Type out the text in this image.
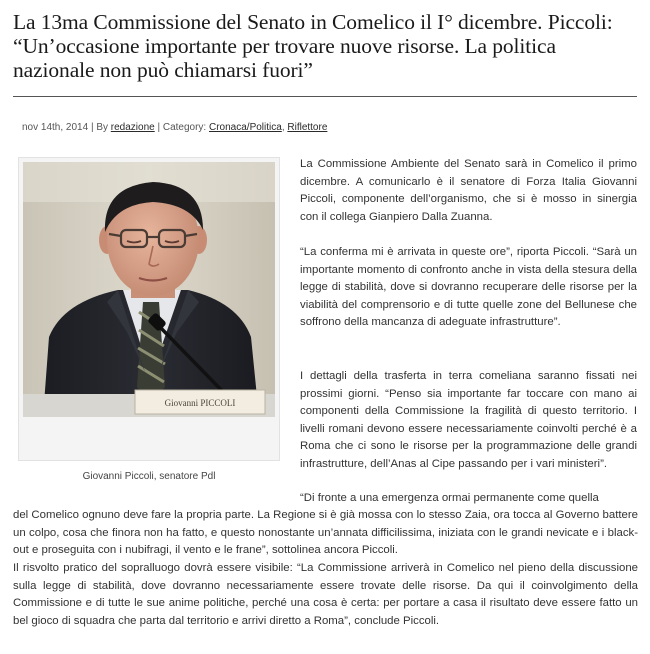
La 13ma Commissione del Senato in Comelico il I° dicembre. Piccoli: “Un’occasione importante per trovare nuove risorse. La politica nazionale non può chiamarsi fuori”
nov 14th, 2014 | By redazione | Category: Cronaca/Politica, Riflettore
Giovanni PICCOLI
Giovanni Piccoli, senatore Pdl

La Commissione Ambiente del Senato sarà in Comelico il primo dicembre. A comunicarlo è il senatore di Forza Italia Giovanni Piccoli, componente dell’organismo, che si è mosso in sinergia con il collega Gianpiero Dalla Zuanna.

“La conferma mi è arrivata in queste ore”, riporta Piccoli. “Sarà un importante momento di confronto anche in vista della stesura della legge di stabilità, dove si dovranno recuperare delle risorse per la viabilità del comprensorio e di tutte quelle zone del Bellunese che soffrono della mancanza di adeguate infrastrutture”.

I dettagli della trasferta in terra comeliana saranno fissati nei prossimi giorni. “Penso sia importante far toccare con mano ai componenti della Commissione la fragilità di questo territorio. I livelli romani devono essere necessariamente coinvolti perché è a Roma che ci sono le risorse per la programmazione delle grandi infrastrutture, dell’Anas al Cipe passando per i vari ministeri”.

“Di fronte a una emergenza ormai permanente come quella

del Comelico ognuno deve fare la propria parte. La Regione si è già mossa con lo stesso Zaia, ora tocca al Governo battere un colpo, cosa che finora non ha fatto, e questo nonostante un’annata difficilissima, iniziata con le grandi nevicate e i black-out e proseguita con i nubifragi, il vento e le frane”, sottolinea ancora Piccoli.

Il risvolto pratico del sopralluogo dovrà essere visibile: “La Commissione arriverà in Comelico nel pieno della discussione sulla legge di stabilità, dove dovranno necessariamente essere trovate delle risorse. Da qui il coinvolgimento della Commissione e di tutte le sue anime politiche, perché una cosa è certa: per portare a casa il risultato deve essere fatto un bel gioco di squadra che parta dal territorio e arrivi diretto a Roma”, conclude Piccoli.
